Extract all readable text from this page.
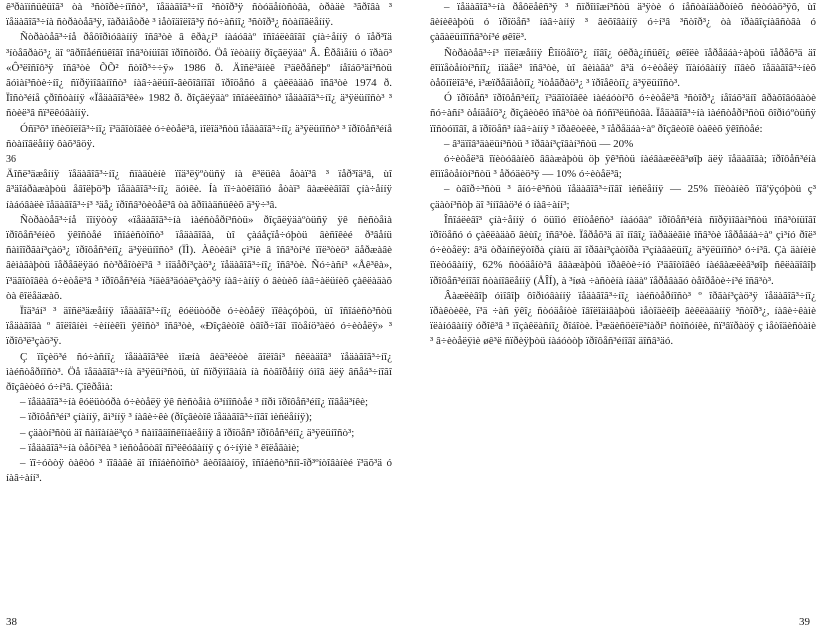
ê³ðàїíñüêüîã³ òà ³ñòîðè÷íîñò³, ïåäàãîã³÷íî ²ñòîð³ÿ ñòóäåíòñòâà, òðàäè ³ãðîâà ³ ïåäàãîã³÷íà ñòðàòåã³ÿ, ïàðàìåòðè ³ ìåòîäîëîã³ÿ ñó÷àñíî¿ ³ñòîð³¿ ñòàíîâëåííÿ.

Ñòðàòåã³÷íå ðåôîðìóâàííÿ îñâ³òè â êðà¿í³ íàáóâàº îñîáëèâîãî çíà÷åííÿ ó ïåð³îä ³íòåãðàö³¿ äî ºâðîïåéñüêîãî îñâ³òíüîãî ïðîñòîðó. Öå ïèòàííÿ ðîçãëÿäàº Â. Êðåìåíü ó ïðàö³ «Ô³ëîñîô³ÿ îñâ³òè ÕÕ² ñòîð³÷÷ÿ» 1986 ð. Äîñë³äíèê ï³äêðåñëþº íåîáõ³äí³ñòü ãóìàí³ñòè÷íî¿ ñïðÿìîâàíîñò³ íàâ÷àëüíî-âèõîâíîãî ïðîöåñó â çàêëàäàõ îñâ³òè 1974 ð. Ïîñò³éíå çðîñòàííÿ «Ïåäàãîã³êè» 1982 ð. ðîçãëÿäàº îñîáëèâîñò³ ïåäàãîã³÷íî¿ ä³ÿëüíîñò³ ³ ñòèë³â ñï³ëêóâàííÿ.

Óñï³õ³ ïñèõîëîã³÷íî¿ ï³äãîòîâêè ó÷èòåë³â, ìîëîä³ñòü ïåäàãîã³÷íî¿ ä³ÿëüíîñò³ ³ ïðîôåñ³éíå ñòàíîâëåííÿ ôàõ³âöÿ.

36

Äîñë³äæåííÿ ïåäàãîã³÷íî¿ ñïàäùèíè ïîä³ëÿºòüñÿ íà ê³ëüêà åòàï³â ³ ïåð³îä³â, ùî â³äîáðàæàþòü åâîëþö³þ ïåäàãîã³÷íî¿ äóìêè. Íà ïî÷àòêîâîìó åòàï³ âàæëèâîãî çíà÷åííÿ íàáóâàëè ïåäàãîã³÷í³ ³äå¿ ïðîñâ³òèòåë³â òà ãðîìàäñüêèõ ä³ÿ÷³â.

Ñòðàòåã³÷íå ïîíÿòòÿ «ïåäàãîã³÷íà ìàéñòåðí³ñòü» ðîçãëÿäàºòüñÿ ÿê ñèñòåìà ïðîôåñ³éíèõ ÿêîñòåé îñîáèñòîñò³ ïåäàãîãà, ùî çàáåçïå÷óþòü âèñîêèé ð³âåíü ñàìîîðãàí³çàö³¿ ïðîôåñ³éíî¿ ä³ÿëüíîñò³ (ÏÌ). Àêòèâí³ çì³íè â îñâ³òí³é ïîë³òèö³ äåðæàâè âèìàãàþòü ïåðåãëÿäó ñò³ðåîòèï³â ³ ìîäåðí³çàö³¿ ïåäàãîã³÷íî¿ îñâ³òè. Ñó÷àñí³ «Åê³êà», ï³äãîòîâêà ó÷èòåë³â ³ ïðîôåñ³éíà ³íäèâ³äóàë³çàö³ÿ íàâ÷àííÿ ó âèùèõ íàâ÷àëüíèõ çàêëàäàõ òà êîëåäæàõ.

Ïîä³áí³ ³ äîñë³äæåííÿ ïåäàãîã³÷íî¿ êóëüòóðè ó÷èòåëÿ ïîêàçóþòü, ùî îñîáèñò³ñòü ïåäàãîãà º ãîëîâíèì ÷èííèêîì ÿêîñò³ îñâ³òè, «Ðîçâèòîê òâîð÷îãî ïîòåíö³àëó ó÷èòåëÿ» ³ ïðîô³ë³çàö³ÿ.

Ç ïîçèö³é ñó÷àñíî¿ ïåäàãîã³êè ìîæíà âèä³ëèòè ãîëîâí³ ñêëàäîâ³ ïåäàãîã³÷íî¿ ìàéñòåðíîñò³. Öå ïåäàãîã³÷íà ä³ÿëüí³ñòü, ùî ñïðÿìîâàíà íà ñòâîðåííÿ óìîâ äëÿ âñåá³÷íîãî ðîçâèòêó ó÷í³â. Çîêðåìà:

– ïåäàãîã³÷íà êóëüòóðà ó÷èòåëÿ ÿê ñèñòåìà ö³ííîñòåé ³ íîðì ïðîôåñ³éíî¿ ïîâåä³íêè;
– ïðîôåñ³éí³ çíàííÿ, âì³ííÿ ³ íàâè÷êè (ðîçâèòîê ïåäàãîã³÷íîãî ìèñëåííÿ);
– çäàòí³ñòü äî ñàìîàíàë³çó ³ ñàìîâäîñêîíàëåííÿ â ïðîöåñ³ ïðîôåñ³éíî¿ ä³ÿëüíîñò³;
– ïåäàãîã³÷íà òåõí³êà ³ ìèñòåöòâî ñï³ëêóâàííÿ ç ó÷íÿìè ³ êîëåãàìè;
– ïî÷óòòÿ òàêòó ³ ïîâàãè äî îñîáèñòîñò³ âèõîâàíöÿ, îñîáèñò³ñíî-îð³ºíòîâàíèé ï³äõ³ä ó íàâ÷àíí³.
38
– ïåäàãîã³÷íà ðåôëåêñ³ÿ ³ ñïðîìîæí³ñòü ä³ÿòè ó íåñòàíäàðòíèõ ñèòóàö³ÿõ, ùî âèíèêàþòü ó ïðîöåñ³ íàâ÷àííÿ ³ âèõîâàííÿ ó÷í³â ³ñòîð³¿ òà ïðàâîçíàâñòâà ó çàãàëüíîîñâ³òí³é øêîë³.
Ñòðàòåã³÷í³ ïîëîæåííÿ Êîíöåïö³¿ íîâî¿ óêðà¿íñüêî¿ øêîëè ïåðåäáà÷àþòü ïåðåõ³ä äî êîìïåòåíòí³ñíî¿ ìîäåë³ îñâ³òè, ùî âèìàãàº â³ä ó÷èòåëÿ îïàíóâàííÿ íîâèõ ïåäàãîã³÷íèõ òåõíîëîã³é, ì³æïðåäìåòíî¿ ³íòåãðàö³¿ ³ ïðîåêòíî¿ ä³ÿëüíîñò³.

Ó ïðîöåñ³ ïðîôåñ³éíî¿ ï³äãîòîâêè ìàéáóòí³õ ó÷èòåë³â ³ñòîð³¿ íåîáõ³äíî âðàõîâóâàòè ñó÷àñí³ òåíäåíö³¿ ðîçâèòêó îñâ³òè òà ñóñï³ëüñòâà. Ïåäàãîã³÷íà ìàéñòåðí³ñòü ôîðìóºòüñÿ ïîñòóïîâî, â ïðîöåñ³ íàâ÷àííÿ ³ ïðàêòèêè, ³ ïåðåäáà÷àº ðîçâèòîê òàêèõ ÿêîñòåé:

– â³äïîâ³äàëüí³ñòü ³ îðãàí³çîâàí³ñòü — 20%
ó÷èòåë³â îïèòóâàíèõ ââàæàþòü öþ ÿê³ñòü íàéâàæëèâ³øîþ äëÿ ïåäàãîãà; ïðîôåñ³éíà êîìïåòåíòí³ñòü ³ åðóäèö³ÿ — 10% ó÷èòåë³â;
– òâîð÷³ñòü ³ ãíó÷ê³ñòü ïåäàãîã³÷íîãî ìèñëåííÿ — 25% îïèòàíèõ ïîâ'ÿçóþòü ç³ çäàòí³ñòþ äî ³ííîâàö³é ó íàâ÷àíí³;

Îñîáëèâî³ çíà÷åííÿ ó öüîìó êîíòåêñò³ íàáóâàº ïðîôåñ³éíà ñïðÿìîâàí³ñòü îñâ³òíüîãî ïðîöåñó ó çàêëàäàõ âèùî¿ îñâ³òè. Ïåðåõ³ä äî íîâî¿ ïàðàäèãìè îñâ³òè ïåðåäáà÷àº çì³íó ðîë³ ó÷èòåëÿ: â³ä òðàíñëÿòîðà çíàíü äî îðãàí³çàòîðà ï³çíàâàëüíî¿ ä³ÿëüíîñò³ ó÷í³â. Çà äàíèìè îïèòóâàííÿ, 62% ñòóäåíò³â ââàæàþòü ïðàêòè÷íó ï³äãîòîâêó íàéâàæëèâ³øîþ ñêëàäîâîþ ïðîôåñ³éíîãî ñòàíîâëåííÿ (ÅÎÍ), à ³íøà ÷àñòèíà íàäàº ïåðåâàãó òåîðåòè÷í³é îñâ³ò³.

Âàæëèâîþ óìîâîþ ôîðìóâàííÿ ïåäàãîã³÷íî¿ ìàéñòåðíîñò³ º îðãàí³çàö³ÿ ïåäàãîã³÷íî¿ ïðàêòèêè, ï³ä ÷àñ ÿêî¿ ñòóäåíòè îâîëîäіâàþòü ìåòîäèêîþ âèêëàäàííÿ ³ñòîð³¿, íàâè÷êàìè ïëàíóâàííÿ óðîê³â ³ ïîçàêëàñíî¿ ðîáîòè. Ì³æäèñöèïë³íàðí³ ñòîñóíêè, ñï³âïðàöÿ ç ìåòîäèñòàìè ³ â÷èòåëÿìè øê³ë ñïðèÿþòü íàáóòòþ ïðîôåñ³éíîãî äîñâ³äó.

39
